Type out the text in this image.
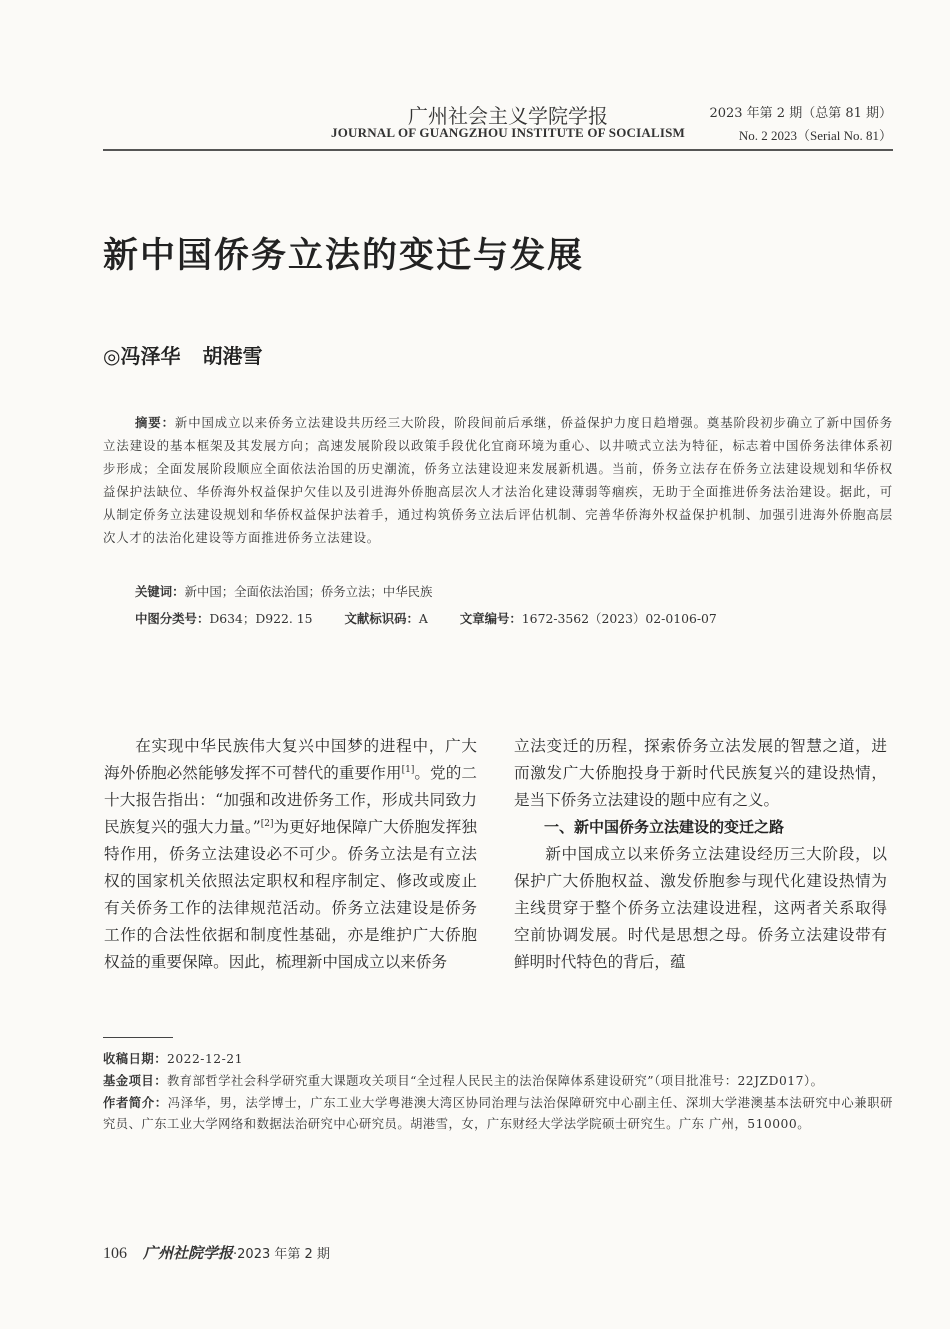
广州社会主义学院学报
JOURNAL OF GUANGZHOU INSTITUTE OF SOCIALISM
2023 年第 2 期（总第 81 期）
No. 2 2023（Serial No. 81）
新中国侨务立法的变迁与发展
◎冯泽华 胡港雪
摘要：新中国成立以来侨务立法建设共历经三大阶段，阶段间前后承继，侨益保护力度日趋增强。奠基阶段初步确立了新中国侨务立法建设的基本框架及其发展方向；高速发展阶段以政策手段优化宜商环境为重心、以井喷式立法为特征，标志着中国侨务法律体系初步形成；全面发展阶段顺应全面依法治国的历史潮流，侨务立法建设迎来发展新机遇。当前，侨务立法存在侨务立法建设规划和华侨权益保护法缺位、华侨海外权益保护欠佳以及引进海外侨胞高层次人才法治化建设薄弱等痼疾，无助于全面推进侨务法治建设。据此，可从制定侨务立法建设规划和华侨权益保护法着手，通过构筑侨务立法后评估机制、完善华侨海外权益保护机制、加强引进海外侨胞高层次人才的法治化建设等方面推进侨务立法建设。
关键词：新中国；全面依法治国；侨务立法；中华民族
中图分类号：D634；D922. 15	文献标识码：A	文章编号：1672-3562（2023）02-0106-07

在实现中华民族伟大复兴中国梦的进程中，广大海外侨胞必然能够发挥不可替代的重要作用[1]。党的二十大报告指出：“加强和改进侨务工作，形成共同致力民族复兴的强大力量。”[2]为更好地保障广大侨胞发挥独特作用，侨务立法建设必不可少。侨务立法是有立法权的国家机关依照法定职权和程序制定、修改或废止有关侨务工作的法律规范活动。侨务立法建设是侨务工作的合法性依据和制度性基础，亦是维护广大侨胞权益的重要保障。因此，梳理新中国成立以来侨务

立法变迁的历程，探索侨务立法发展的智慧之道，进而激发广大侨胞投身于新时代民族复兴的建设热情，是当下侨务立法建设的题中应有之义。

一、新中国侨务立法建设的变迁之路

新中国成立以来侨务立法建设经历三大阶段，以保护广大侨胞权益、激发侨胞参与现代化建设热情为主线贯穿于整个侨务立法建设进程，这两者关系取得空前协调发展。时代是思想之母。侨务立法建设带有鲜明时代特色的背后，蕴

收稿日期：2022-12-21

基金项目：教育部哲学社会科学研究重大课题攻关项目“全过程人民民主的法治保障体系建设研究”（项目批准号：22JZD017）。

作者简介：冯泽华，男，法学博士，广东工业大学粤港澳大湾区协同治理与法治保障研究中心副主任、深圳大学港澳基本法研究中心兼职研究员、广东工业大学网络和数据法治研究中心研究员。胡港雪，女，广东财经大学法学院硕士研究生。广东 广州，510000。

106 广州社院学报·2023 年第 2 期
